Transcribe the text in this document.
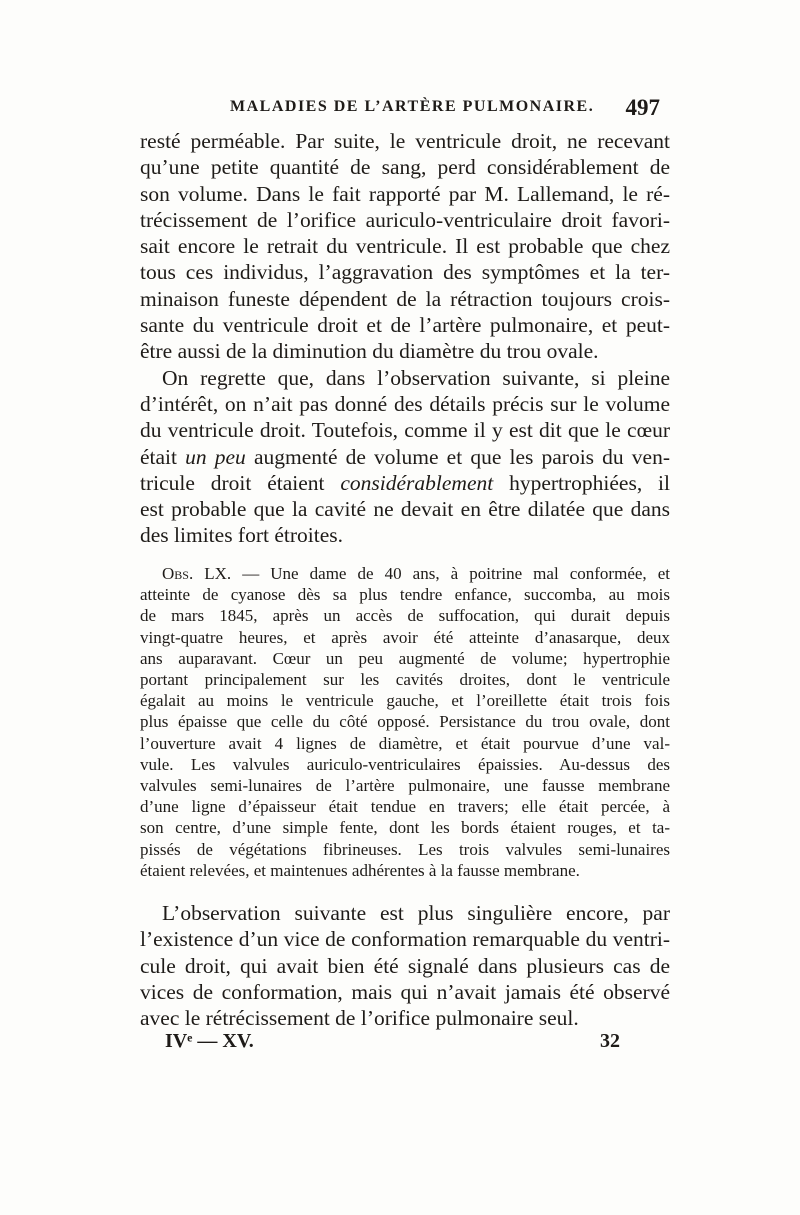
MALADIES DE L’ARTÈRE PULMONAIRE. 497
resté perméable. Par suite, le ventricule droit, ne recevant
qu’une petite quantité de sang, perd considérablement de
son volume. Dans le fait rapporté par M. Lallemand, le ré-
trécissement de l’orifice auriculo-ventriculaire droit favori-
sait encore le retrait du ventricule. Il est probable que chez
tous ces individus, l’aggravation des symptômes et la ter-
minaison funeste dépendent de la rétraction toujours crois-
sante du ventricule droit et de l’artère pulmonaire, et peut-
être aussi de la diminution du diamètre du trou ovale.
On regrette que, dans l’observation suivante, si pleine
d’intérêt, on n’ait pas donné des détails précis sur le volume
du ventricule droit. Toutefois, comme il y est dit que le cœur
était un peu augmenté de volume et que les parois du ven-
tricule droit étaient considérablement hypertrophiées, il
est probable que la cavité ne devait en être dilatée que dans
des limites fort étroites.
Obs. LX. — Une dame de 40 ans, à poitrine mal conformée, et
atteinte de cyanose dès sa plus tendre enfance, succomba, au mois
de mars 1845, après un accès de suffocation, qui durait depuis
vingt-quatre heures, et après avoir été atteinte d’anasarque, deux
ans auparavant. Cœur un peu augmenté de volume; hypertrophie
portant principalement sur les cavités droites, dont le ventricule
égalait au moins le ventricule gauche, et l’oreillette était trois fois
plus épaisse que celle du côté opposé. Persistance du trou ovale, dont
l’ouverture avait 4 lignes de diamètre, et était pourvue d’une val-
vule. Les valvules auriculo-ventriculaires épaissies. Au-dessus des
valvules semi-lunaires de l’artère pulmonaire, une fausse membrane
d’une ligne d’épaisseur était tendue en travers; elle était percée, à
son centre, d’une simple fente, dont les bords étaient rouges, et ta-
pissés de végétations fibrineuses. Les trois valvules semi-lunaires
étaient relevées, et maintenues adhérentes à la fausse membrane.
L’observation suivante est plus singulière encore, par
l’existence d’un vice de conformation remarquable du ventri-
cule droit, qui avait bien été signalé dans plusieurs cas de
vices de conformation, mais qui n’avait jamais été observé
avec le rétrécissement de l’orifice pulmonaire seul.
IVᵉ — XV.	32
